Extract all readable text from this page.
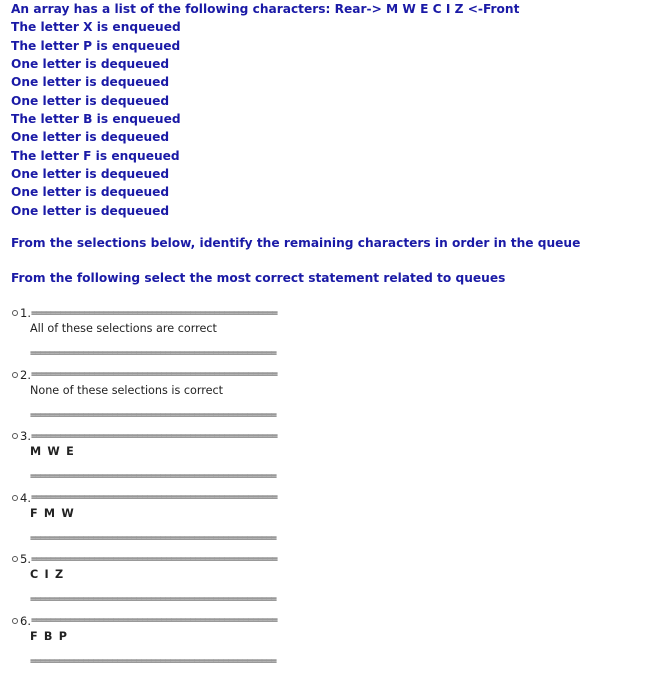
An array has a list of the following characters: Rear-> M W E C I Z <-Front
The letter X is enqueued
The letter P is enqueued
One letter is dequeued
One letter is dequeued
One letter is dequeued
The letter B is enqueued
One letter is dequeued
The letter F is enqueued
One letter is dequeued
One letter is dequeued
One letter is dequeued
From the selections below, identify the remaining characters in order in the queue
From the following select the most correct statement related to queues
1. ===================================================
All of these selections are correct
===================================================
2. ===================================================
None of these selections is correct
===================================================
3. ===================================================
M W E
===================================================
4. ===================================================
F M W
===================================================
5. ===================================================
C I Z
===================================================
6. ===================================================
F B P
===================================================
